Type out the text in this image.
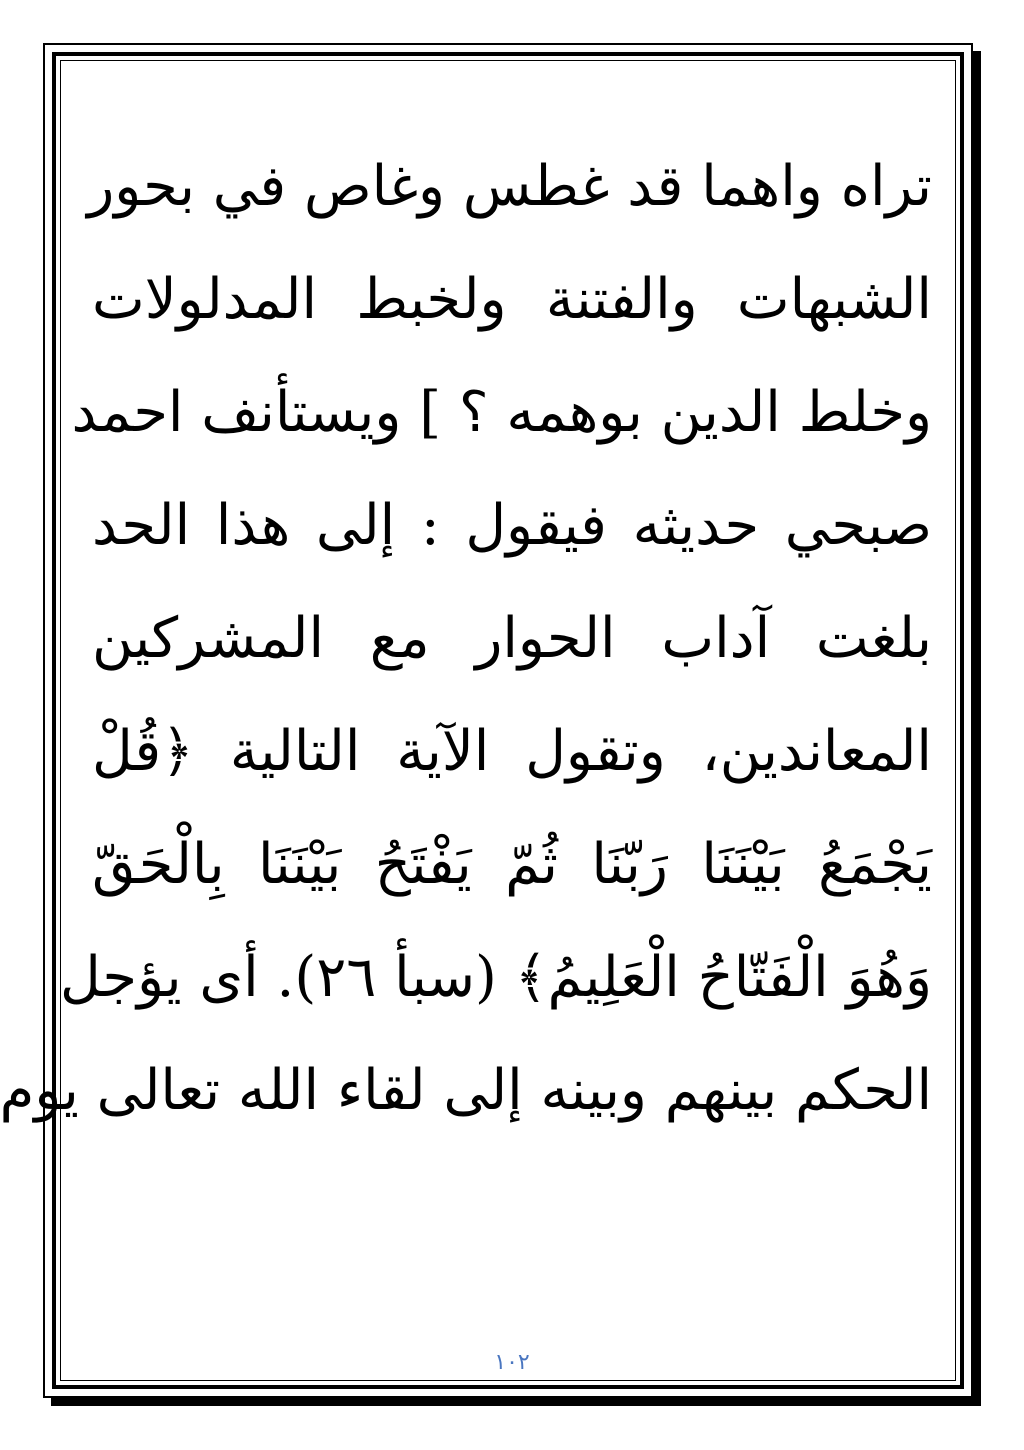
تراه واهما قد غطس وغاص في بحور
الشبهات والفتنة ولخبط المدلولات
وخلط الدين بوهمه ؟ ] ويستأنف احمد
صبحي حديثه فيقول : إلى هذا الحد
بلغت آداب الحوار مع المشركين
المعاندين، وتقول الآية التالية ﴿قُلْ
يَجْمَعُ بَيْنَنَا رَبّنَا ثُمّ يَفْتَحُ بَيْنَنَا بِالْحَقّ
وَهُوَ الْفَتّاحُ الْعَلِيمُ﴾ (سبأ ٢٦). أى يؤجل
الحكم بينهم وبينه إلى لقاء الله تعالى يوم
١٠٢
